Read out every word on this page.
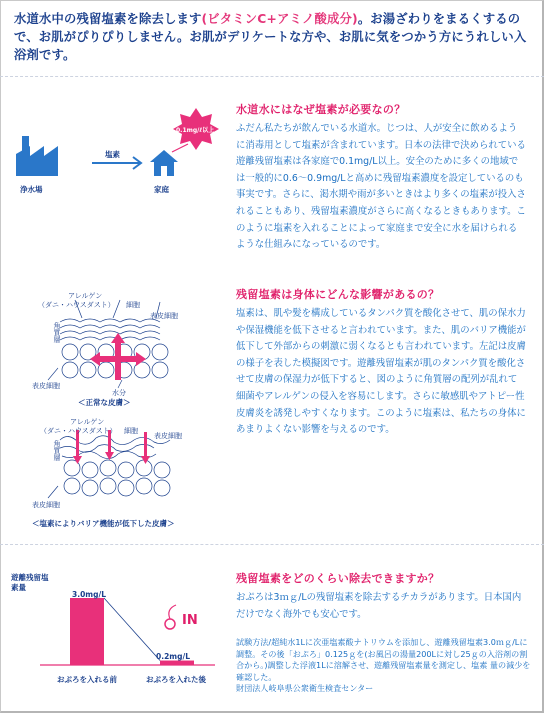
水道水中の残留塩素を除去します(ビタミンC+アミノ酸成分)。お湯ざわりをまるくするので、お肌がぴりぴりしません。お肌がデリケートな方や、お肌に気をつかう方にうれしい入浴剤です。
浄水場
塩素
家庭
0.1mg/ℓ以上
水道水にはなぜ塩素が必要なの？
ふだん私たちが飲んでいる水道水。じつは、人が安全に飲めるように消毒用として塩素が含まれています。日本の法律で決められている遊離残留塩素は各家庭で0.1mg/L以上。安全のために多くの地域では一般的に0.6～0.9mg/Lと高めに残留塩素濃度を設定しているのも事実です。さらに、渇水期や雨が多いときはより多くの塩素が投入されることもあり、残留塩素濃度がさらに高くなるときもあります。このように塩素を入れることによって家庭まで安全に水を届けられるような仕組みになっているのです。
アレルゲン
（ダニ・ハウスダスト） 細胞
表皮細胞
角質層
表皮細胞
水分
＜正常な皮膚＞
残留塩素は身体にどんな影響があるの？
塩素は、肌や髪を構成しているタンパク質を酸化させて、肌の保水力や保湿機能を低下させると言われています。また、肌のバリア機能が低下して外部からの刺激に弱くなるとも言われています。左記は皮膚の様子を表した模擬図です。遊離残留塩素が肌のタンパク質を酸化させて皮膚の保湿力が低下すると、図のように角質層の配列が乱れて細菌やアレルゲンの侵入を容易にします。さらに敏感肌やアトピー性皮膚炎を誘発しやすくなります。このように塩素は、私たちの身体にあまりよくない影響を与えるのです。
アレルゲン
（ダニ・ハウスダスト） 細胞
表皮細胞
角質層
表皮細胞
＜塩素によりバリア機能が低下した皮膚＞
残留塩素をどのくらい除去できますか？
おぷろは3ｍｇ/Lの残留塩素を除去するチカラがあります。日本国内だけでなく海外でも安心です。
試験方法/超純水1Lに次亜塩素酸ナトリウムを添加し、遊離残留塩素3.0ｍｇ/Lに調整。その後「おぷろ」0.125ｇを(お風呂の湯量200Lに対し25ｇの入浴剤の割合から。)調整した浮液1Lに溶解させ、遊離残留塩素量を測定し、塩素 量の減少を確認した。
財団法人岐阜県公衆衛生検査センター
遊離残留塩素量
3.0mg/L
0.2mg/L
IN
おぷろを入れる前	おぷろを入れた後
